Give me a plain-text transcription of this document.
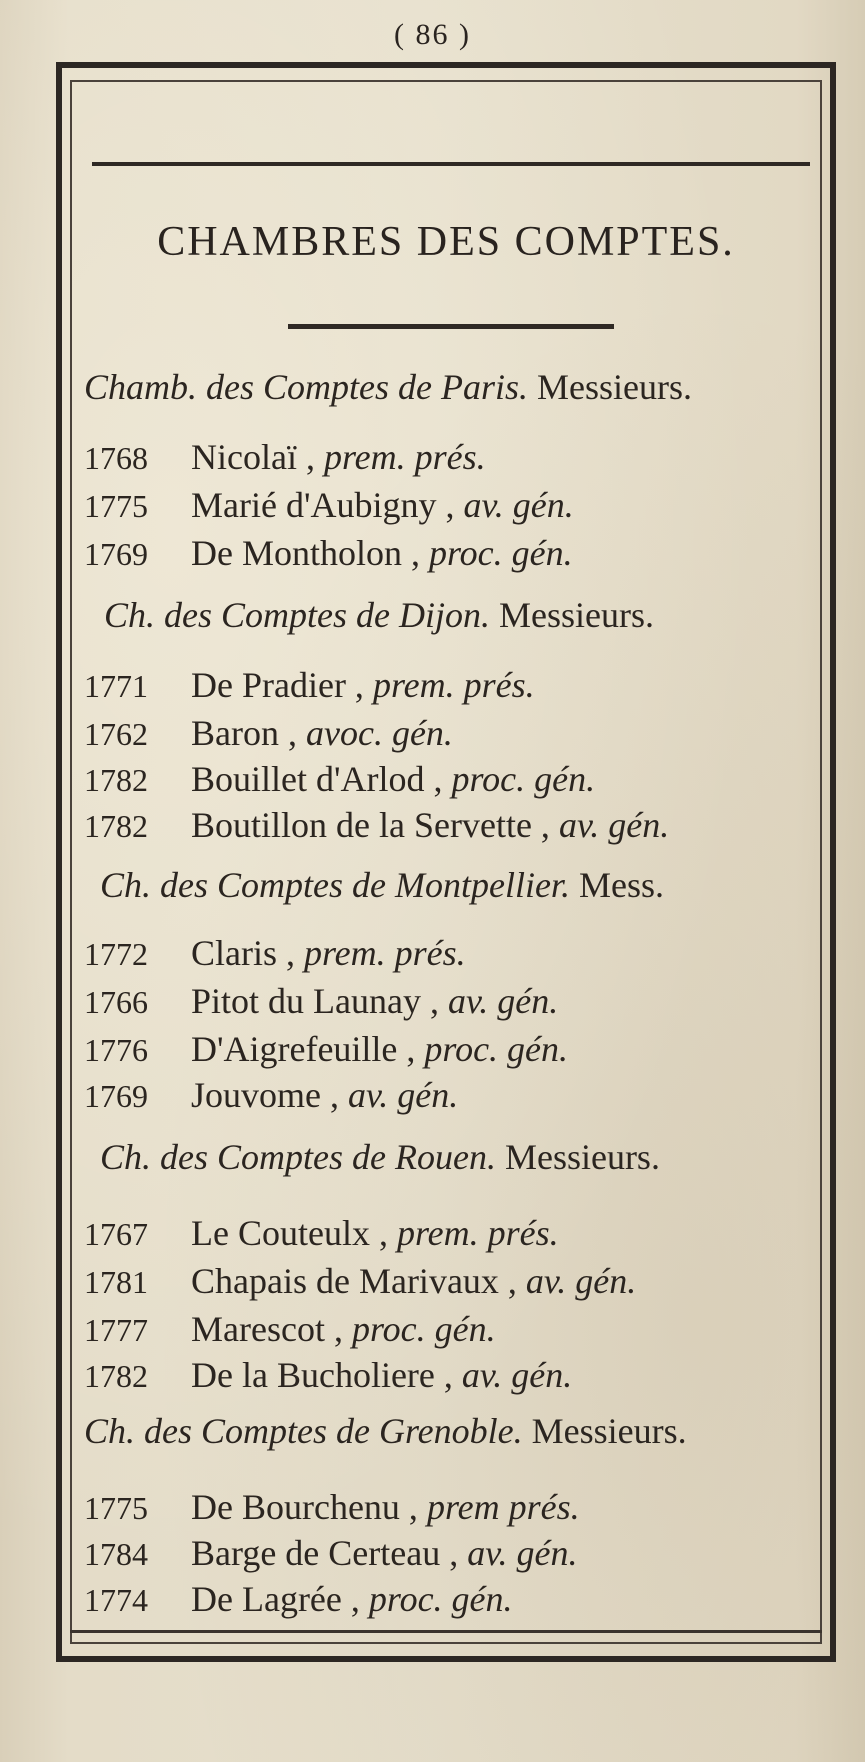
( 86 )
CHAMBRES DES COMPTES.
Chamb. des Comptes de Paris. Messieurs.
1768 Nicolaï , prem. prés.
1775 Marié d'Aubigny , av. gén.
1769 De Montholon , proc. gén.
Ch. des Comptes de Dijon. Messieurs.
1771 De Pradier , prem. prés.
1762 Baron , avoc. gén.
1782 Bouillet d'Arlod , proc. gén.
1782 Boutillon de la Servette , av. gén.
Ch. des Comptes de Montpellier. Mess.
1772 Claris , prem. prés.
1766 Pitot du Launay , av. gén.
1776 D'Aigrefeuille , proc. gén.
1769 Jouvome , av. gén.
Ch. des Comptes de Rouen. Messieurs.
1767 Le Couteulx , prem. prés.
1781 Chapais de Marivaux , av. gén.
1777 Marescot , proc. gén.
1782 De la Bucholiere , av. gén.
Ch. des Comptes de Grenoble. Messieurs.
1775 De Bourchenu , prem prés.
1784 Barge de Certeau , av. gén.
1774 De Lagrée , proc. gén.
